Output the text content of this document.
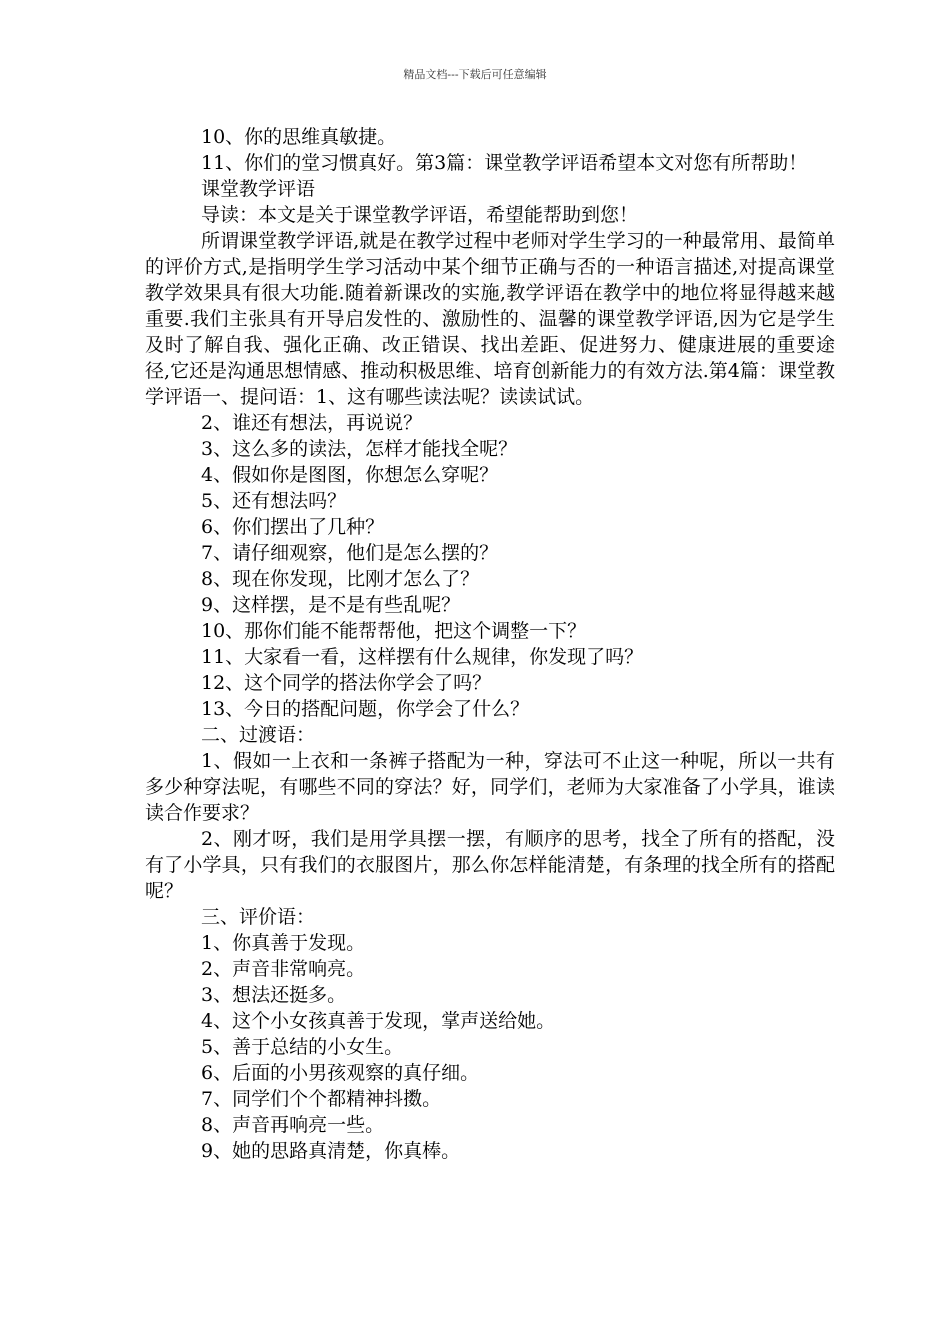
精品文档---下载后可任意编辑

10、你的思维真敏捷。

11、你们的堂习惯真好。第3篇：课堂教学评语希望本文对您有所帮助！

课堂教学评语

导读：本文是关于课堂教学评语，希望能帮助到您！

所谓课堂教学评语,就是在教学过程中老师对学生学习的一种最常用、最简单的评价方式,是指明学生学习活动中某个细节正确与否的一种语言描述,对提高课堂教学效果具有很大功能.随着新课改的实施,教学评语在教学中的地位将显得越来越重要.我们主张具有开导启发性的、激励性的、温馨的课堂教学评语,因为它是学生及时了解自我、强化正确、改正错误、找出差距、促进努力、健康进展的重要途径,它还是沟通思想情感、推动积极思维、培育创新能力的有效方法.第4篇：课堂教学评语一、提问语：1、这有哪些读法呢？读读试试。

2、谁还有想法，再说说？

3、这么多的读法，怎样才能找全呢？

4、假如你是图图，你想怎么穿呢？

5、还有想法吗？

6、你们摆出了几种？

7、请仔细观察，他们是怎么摆的？

8、现在你发现，比刚才怎么了？

9、这样摆，是不是有些乱呢？

10、那你们能不能帮帮他，把这个调整一下？

11、大家看一看，这样摆有什么规律，你发现了吗？

12、这个同学的搭法你学会了吗？

13、今日的搭配问题，你学会了什么？

二、过渡语：

1、假如一上衣和一条裤子搭配为一种，穿法可不止这一种呢，所以一共有多少种穿法呢，有哪些不同的穿法？好，同学们，老师为大家准备了小学具，谁读读合作要求？

2、刚才呀，我们是用学具摆一摆，有顺序的思考，找全了所有的搭配，没有了小学具，只有我们的衣服图片，那么你怎样能清楚，有条理的找全所有的搭配呢？

三、评价语：

1、你真善于发现。

2、声音非常响亮。

3、想法还挺多。

4、这个小女孩真善于发现，掌声送给她。

5、善于总结的小女生。

6、后面的小男孩观察的真仔细。

7、同学们个个都精神抖擞。

8、声音再响亮一些。

9、她的思路真清楚，你真棒。
